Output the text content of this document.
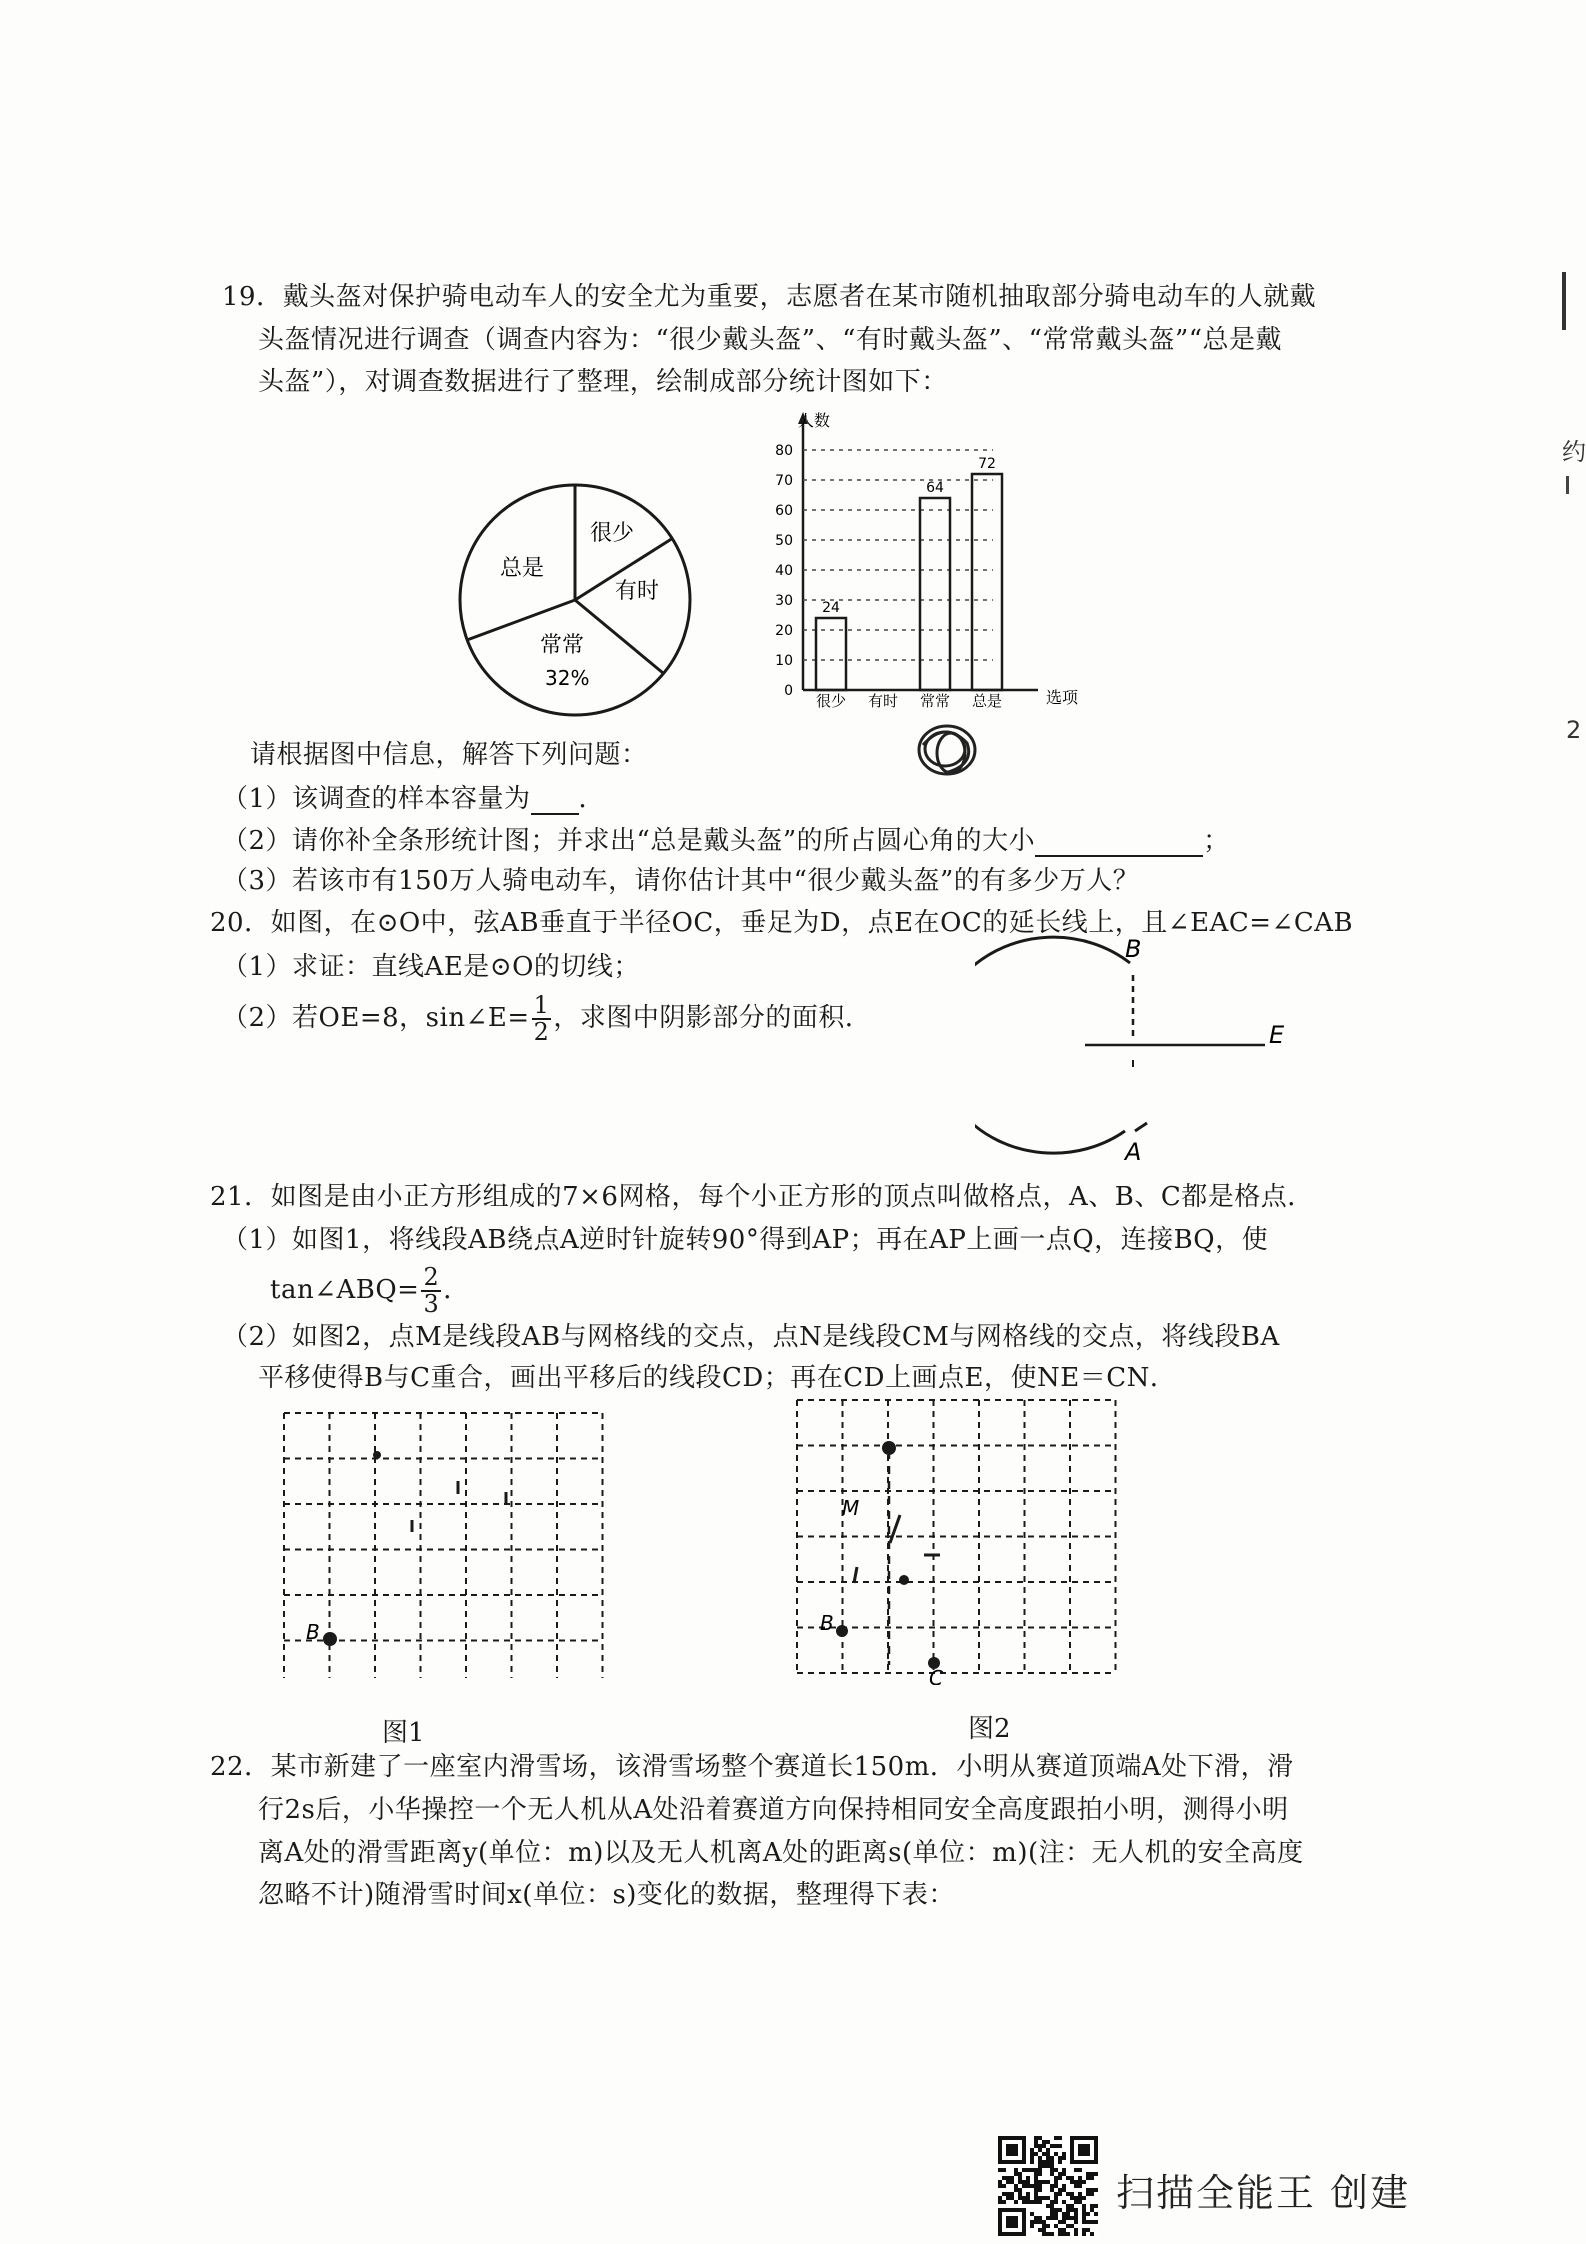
19．戴头盔对保护骑电动车人的安全尤为重要，志愿者在某市随机抽取部分骑电动车的人就戴
头盔情况进行调查（调查内容为：“很少戴头盔”、“有时戴头盔”、“常常戴头盔”“总是戴
头盔”），对调查数据进行了整理，绘制成部分统计图如下：
总是
很少
有时
常常
32%
人数
选项
0
10
20
30
40
50
60
70
80
24
64
72
很少 有时 常常 总是
请根据图中信息，解答下列问题：
（1）该调查的样本容量为 ．
（2）请你补全条形统计图；并求出“总是戴头盔”的所占圆心角的大小	；
（3）若该市有150万人骑电动车，请你估计其中“很少戴头盔”的有多少万人？
20．如图，在⊙O中，弦AB垂直于半径OC，垂足为D，点E在OC的延长线上，且∠EAC=∠CAB
（1）求证：直线AE是⊙O的切线；
（2）若OE=8，sin∠E= $\frac{1}{2}$ ，求图中阴影部分的面积．
B
E
A
21．如图是由小正方形组成的7×6网格，每个小正方形的顶点叫做格点，A、B、C都是格点．
（1）如图1，将线段AB绕点A逆时针旋转90°得到AP；再在AP上画一点Q，连接BQ，使
tan∠ABQ= $\frac{2}{3}$ ．
（2）如图2，点M是线段AB与网格线的交点，点N是线段CM与网格线的交点，将线段BA
平移使得B与C重合，画出平移后的线段CD；再在CD上画点E，使NE＝CN．
B
图1
M
B
C
图2
22．某市新建了一座室内滑雪场，该滑雪场整个赛道长150m．小明从赛道顶端A处下滑，滑
行2s后，小华操控一个无人机从A处沿着赛道方向保持相同安全高度跟拍小明，测得小明
离A处的滑雪距离y(单位：m)以及无人机离A处的距离s(单位：m)(注：无人机的安全高度
忽略不计)随滑雪时间x(单位：s)变化的数据，整理得下表：
约
2
扫描全能王 创建
